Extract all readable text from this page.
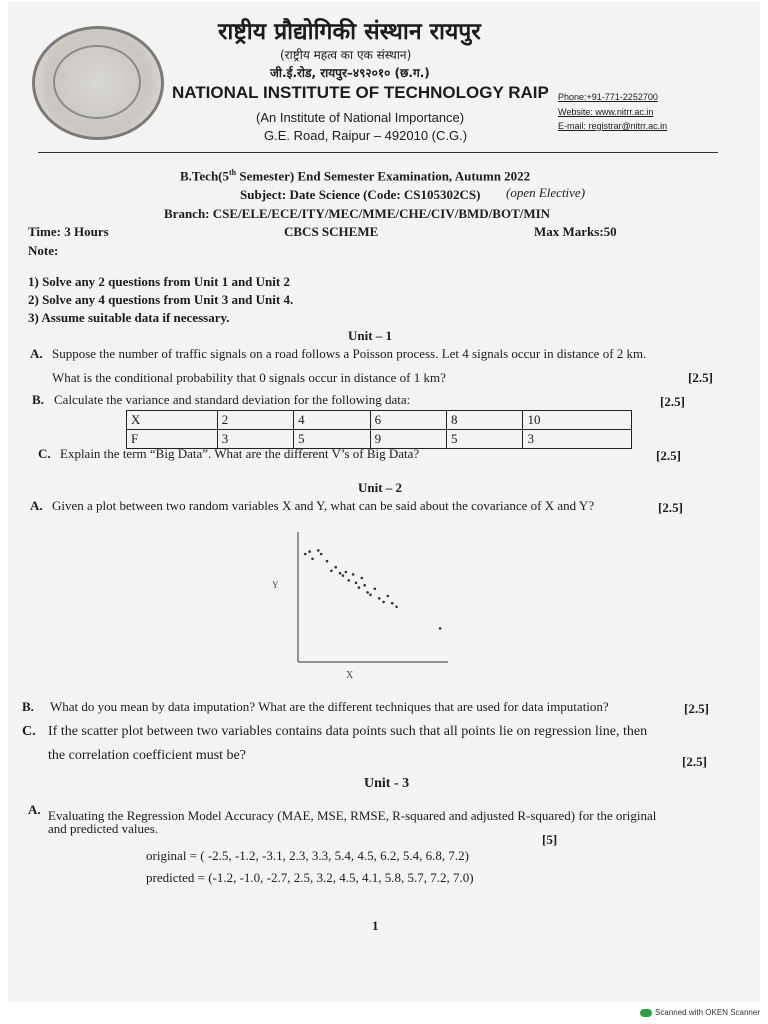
राष्ट्रीय प्रौद्योगिकी संस्थान रायपुर
(राष्ट्रीय महत्व का एक संस्थान)
जी.ई.रोड, रायपुर–४९२०१० (छ.ग.)
NATIONAL INSTITUTE OF TECHNOLOGY RAIP
(An Institute of National Importance)
G.E. Road, Raipur – 492010 (C.G.)
Phone:+91-771-2252700
Website: www.nitrr.ac.in
E-mail: registrar@nitrr.ac.in
B.Tech(5th Semester) End Semester Examination, Autumn 2022
Subject: Date Science (Code: CS105302CS) (open Elective)
Branch: CSE/ELE/ECE/ITY/MEC/MME/CHE/CIV/BMD/BOT/MIN
Time: 3 Hours	CBCS SCHEME	Max Marks:50
Note:
1) Solve any 2 questions from Unit 1 and Unit 2
2) Solve any 4 questions from Unit 3 and Unit 4.
3) Assume suitable data if necessary.
Unit – 1
A. Suppose the number of traffic signals on a road follows a Poisson process. Let 4 signals occur in distance of 2 km.
What is the conditional probability that 0 signals occur in distance of 1 km?	[2.5]
B. Calculate the variance and standard deviation for the following data:	[2.5]
X	2	4	6	8	10
F	3	5	9	5	3
C. Explain the term “Big Data”. What are the different V’s of Big Data?	[2.5]
Unit – 2
A. Given a plot between two random variables X and Y, what can be said about the covariance of X and Y?	[2.5]
Y
X
B. What do you mean by data imputation? What are the different techniques that are used for data imputation?	[2.5]
C. If the scatter plot between two variables contains data points such that all points lie on regression line, then
the correlation coefficient must be?	[2.5]
Unit - 3
A. Evaluating the Regression Model Accuracy (MAE, MSE, RMSE, R-squared and adjusted R-squared) for the original
and predicted values.
[5]
original = ( -2.5, -1.2, -3.1, 2.3, 3.3, 5.4, 4.5, 6.2, 5.4, 6.8, 7.2)
predicted = (-1.2, -1.0, -2.7, 2.5, 3.2, 4.5, 4.1, 5.8, 5.7, 7.2, 7.0)
1
Scanned with OKEN Scanner
